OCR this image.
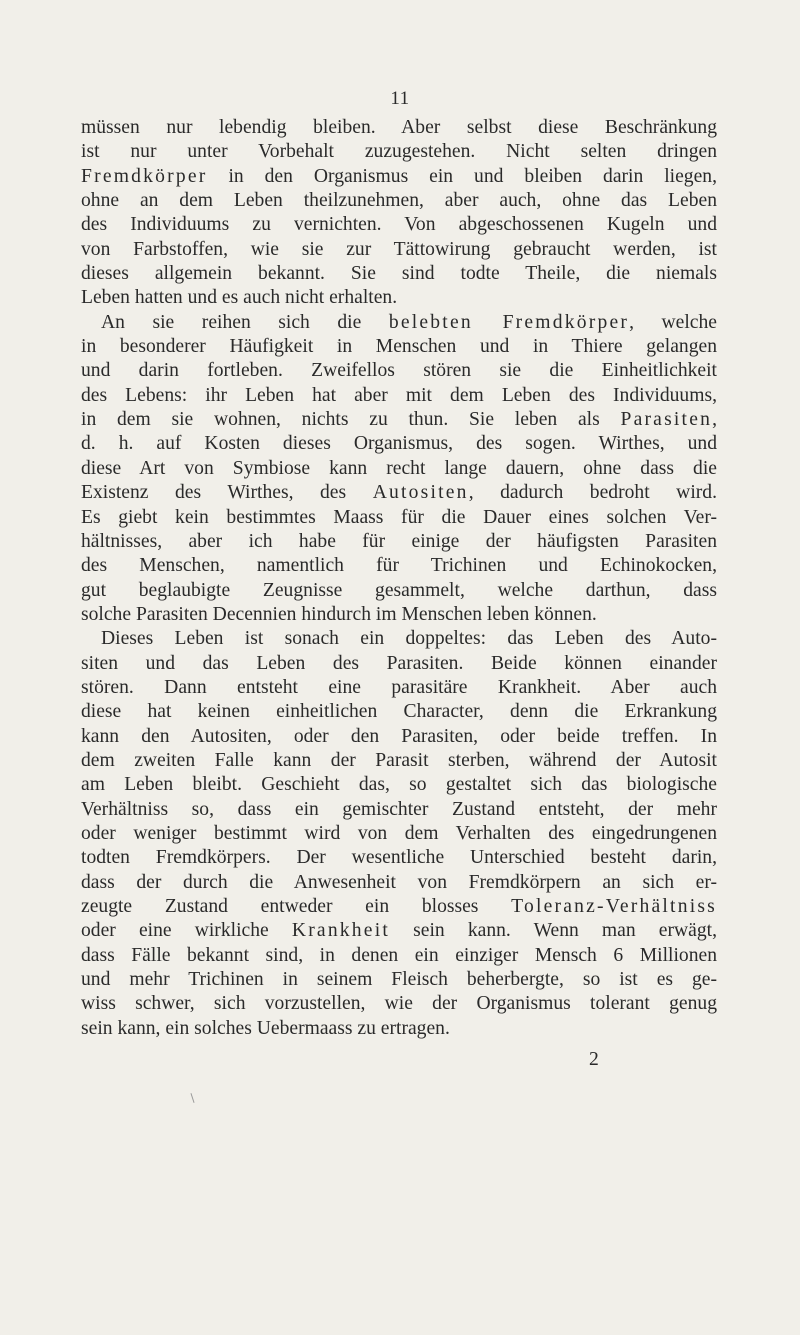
11
müssen nur lebendig bleiben. Aber selbst diese Beschränkung
ist nur unter Vorbehalt zuzugestehen. Nicht selten dringen
Fremdkörper in den Organismus ein und bleiben darin liegen,
ohne an dem Leben theilzunehmen, aber auch, ohne das Leben
des Individuums zu vernichten. Von abgeschossenen Kugeln und
von Farbstoffen, wie sie zur Tättowirung gebraucht werden, ist
dieses allgemein bekannt. Sie sind todte Theile, die niemals
Leben hatten und es auch nicht erhalten.
An sie reihen sich die belebten Fremdkörper, welche
in besonderer Häufigkeit in Menschen und in Thiere gelangen
und darin fortleben. Zweifellos stören sie die Einheitlichkeit
des Lebens: ihr Leben hat aber mit dem Leben des Individuums,
in dem sie wohnen, nichts zu thun. Sie leben als Parasiten,
d. h. auf Kosten dieses Organismus, des sogen. Wirthes, und
diese Art von Symbiose kann recht lange dauern, ohne dass die
Existenz des Wirthes, des Autositen, dadurch bedroht wird.
Es giebt kein bestimmtes Maass für die Dauer eines solchen Ver-
hältnisses, aber ich habe für einige der häufigsten Parasiten
des Menschen, namentlich für Trichinen und Echinokocken,
gut beglaubigte Zeugnisse gesammelt, welche darthun, dass
solche Parasiten Decennien hindurch im Menschen leben können.
Dieses Leben ist sonach ein doppeltes: das Leben des Auto-
siten und das Leben des Parasiten. Beide können einander
stören. Dann entsteht eine parasitäre Krankheit. Aber auch
diese hat keinen einheitlichen Character, denn die Erkrankung
kann den Autositen, oder den Parasiten, oder beide treffen. In
dem zweiten Falle kann der Parasit sterben, während der Autosit
am Leben bleibt. Geschieht das, so gestaltet sich das biologische
Verhältniss so, dass ein gemischter Zustand entsteht, der mehr
oder weniger bestimmt wird von dem Verhalten des eingedrungenen
todten Fremdkörpers. Der wesentliche Unterschied besteht darin,
dass der durch die Anwesenheit von Fremdkörpern an sich er-
zeugte Zustand entweder ein blosses Toleranz-Verhältniss
oder eine wirkliche Krankheit sein kann. Wenn man erwägt,
dass Fälle bekannt sind, in denen ein einziger Mensch 6 Millionen
und mehr Trichinen in seinem Fleisch beherbergte, so ist es ge-
wiss schwer, sich vorzustellen, wie der Organismus tolerant genug
sein kann, ein solches Uebermaass zu ertragen.
2
